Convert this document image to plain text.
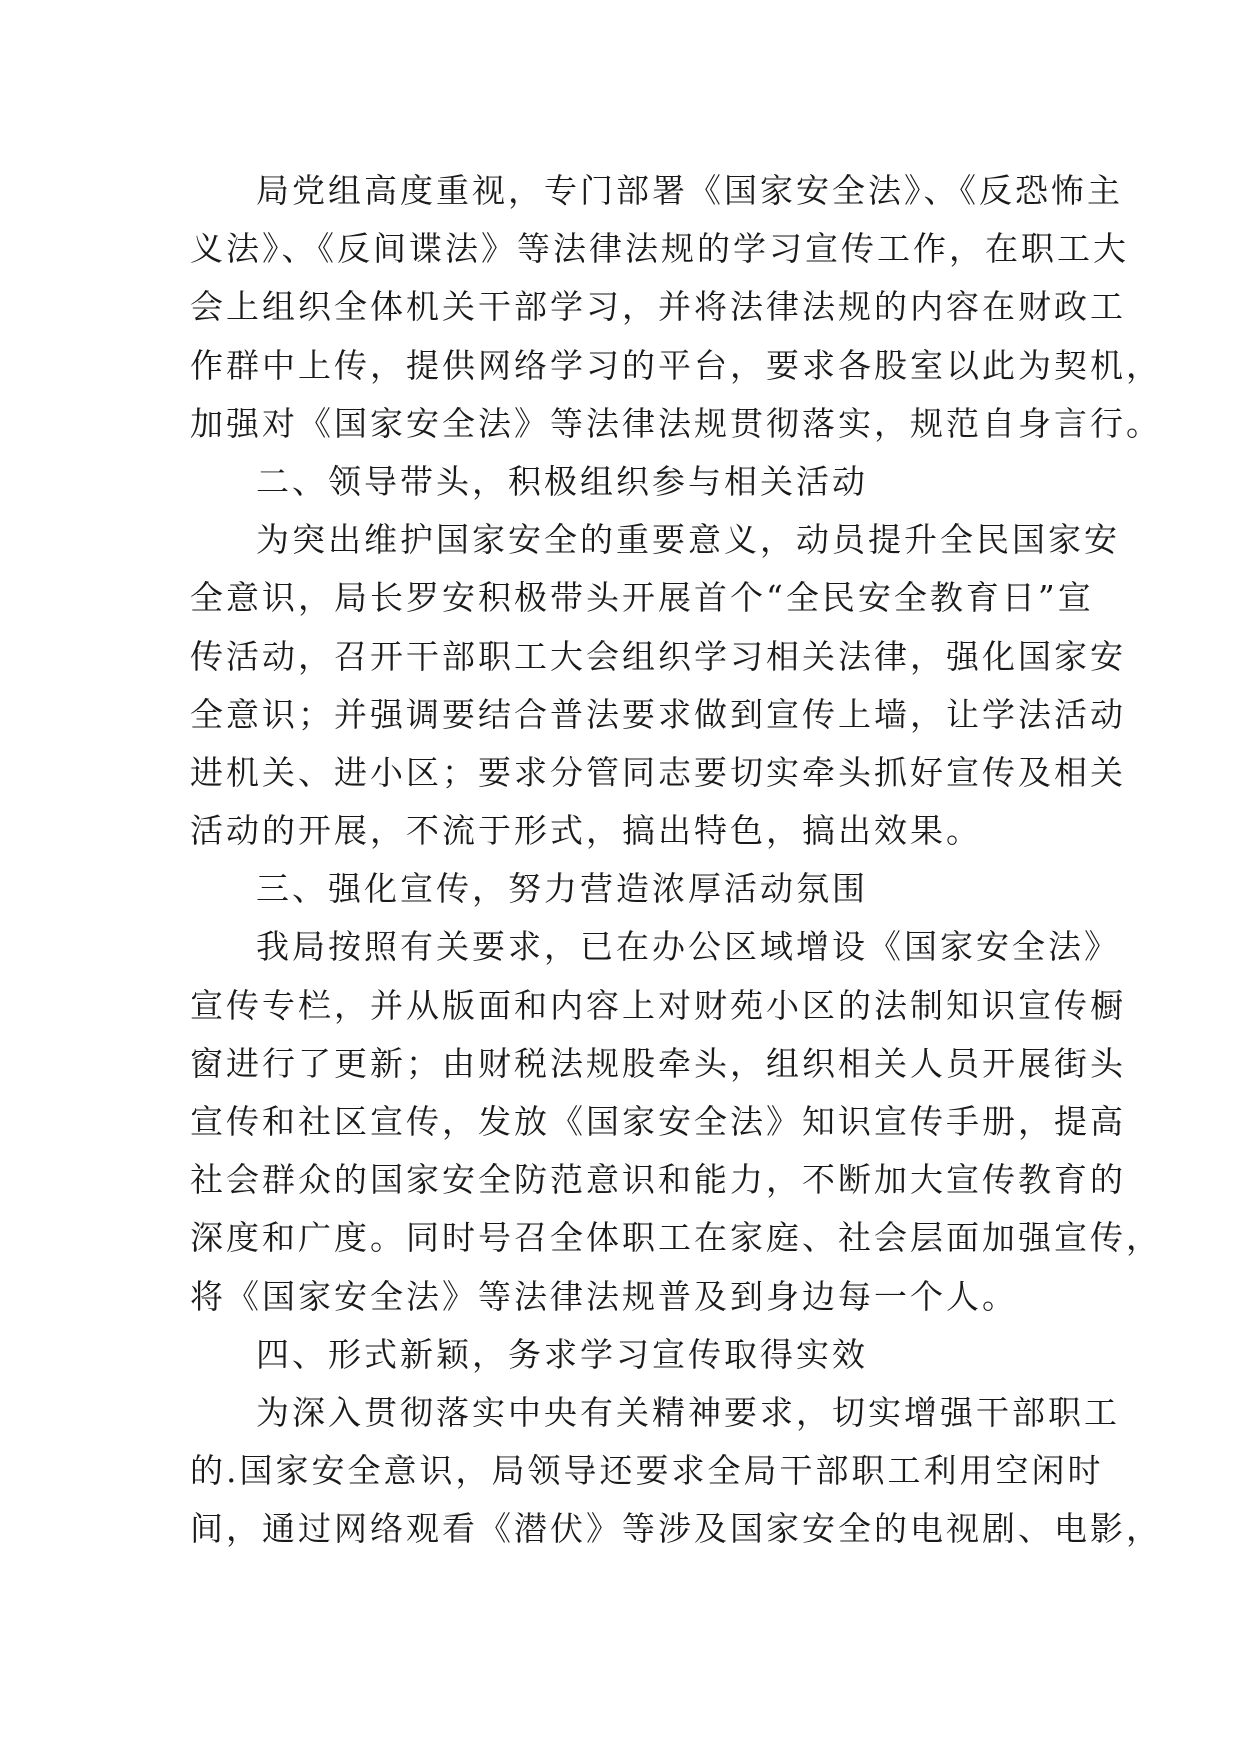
局党组高度重视，专门部署《国家安全法》、《反恐怖主
义法》、《反间谍法》等法律法规的学习宣传工作，在职工大
会上组织全体机关干部学习，并将法律法规的内容在财政工
作群中上传，提供网络学习的平台，要求各股室以此为契机，
加强对《国家安全法》等法律法规贯彻落实，规范自身言行。
二、领导带头，积极组织参与相关活动
为突出维护国家安全的重要意义，动员提升全民国家安
全意识，局长罗安积极带头开展首个“全民安全教育日”宣
传活动，召开干部职工大会组织学习相关法律，强化国家安
全意识；并强调要结合普法要求做到宣传上墙，让学法活动
进机关、进小区；要求分管同志要切实牵头抓好宣传及相关
活动的开展，不流于形式，搞出特色，搞出效果。
三、强化宣传，努力营造浓厚活动氛围
我局按照有关要求，已在办公区域增设《国家安全法》
宣传专栏，并从版面和内容上对财苑小区的法制知识宣传橱
窗进行了更新；由财税法规股牵头，组织相关人员开展街头
宣传和社区宣传，发放《国家安全法》知识宣传手册，提高
社会群众的国家安全防范意识和能力，不断加大宣传教育的
深度和广度。同时号召全体职工在家庭、社会层面加强宣传，
将《国家安全法》等法律法规普及到身边每一个人。
四、形式新颖，务求学习宣传取得实效
为深入贯彻落实中央有关精神要求，切实增强干部职工
的.国家安全意识，局领导还要求全局干部职工利用空闲时
间，通过网络观看《潜伏》等涉及国家安全的电视剧、电影，
